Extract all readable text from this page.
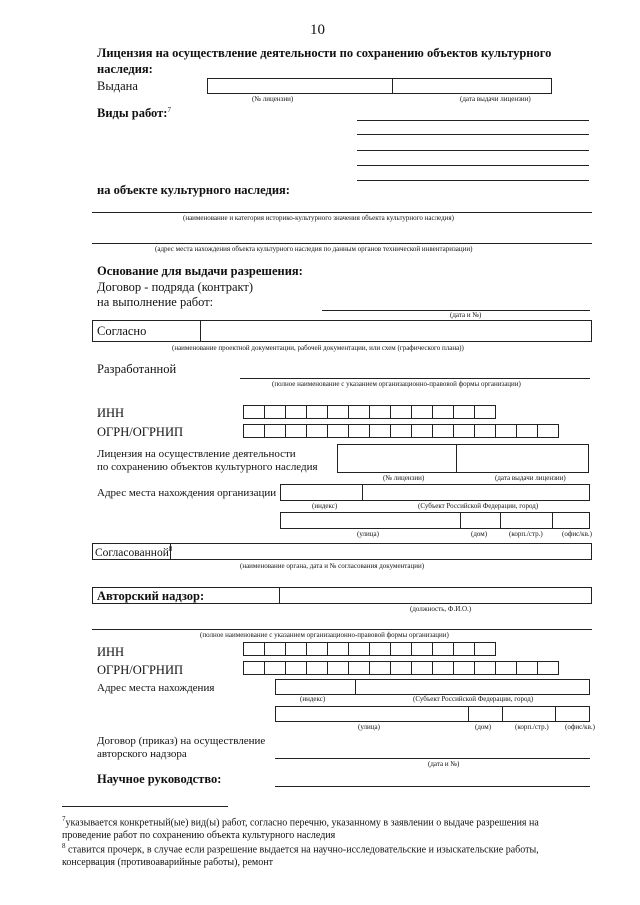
10
Лицензия на осуществление деятельности по сохранению объектов культурного
наследия:
Выдана
(№ лицензии)	(дата выдачи лицензии)
Виды работ:$^7$
на объекте культурного наследия:
(наименование и категория историко-культурного значения объекта культурного наследия)
(адрес места нахождения объекта культурного наследия по данным органов технической инвентаризации)
Основание для выдачи разрешения:
Договор - подряда (контракт)
на выполнение работ:
(дата и №)
Согласно
(наименование проектной документации, рабочей документации, или схем (графического плана))
Разработанной
(полное наименование с указанием организационно-правовой формы организации)
ИНН
ОГРН/ОГРНИП
Лицензия на осуществление деятельности
по сохранению объектов культурного наследия
(№ лицензии)	(дата выдачи лицензии)
Адрес места нахождения организации
(индекс)	(Субъект Российской Федерации, город)
(улица)	(дом)	(корп./стр.)	(офис/кв.)
Согласованной$^8$
(наименование органа, дата и № согласования документации)
Авторский надзор:
(должность, Ф.И.О.)
(полное наименование с указанием организационно-правовой формы организации)
ИНН
ОГРН/ОГРНИП
Адрес места нахождения
(индекс)	(Субъект Российской Федерации, город)
(улица)	(дом)	(корп./стр.) (офис/кв.)
Договор (приказ) на осуществление
авторского надзора
(дата и №)
Научное руководство:
$^7$указывается конкретный(ые) вид(ы) работ, согласно перечню, указанному в заявлении о выдаче разрешения на
проведение работ по сохранению объекта культурного наследия
$^8$ ставится прочерк, в случае если разрешение выдается на научно-исследовательские и изыскательские работы,
консервация (противоаварийные работы), ремонт
